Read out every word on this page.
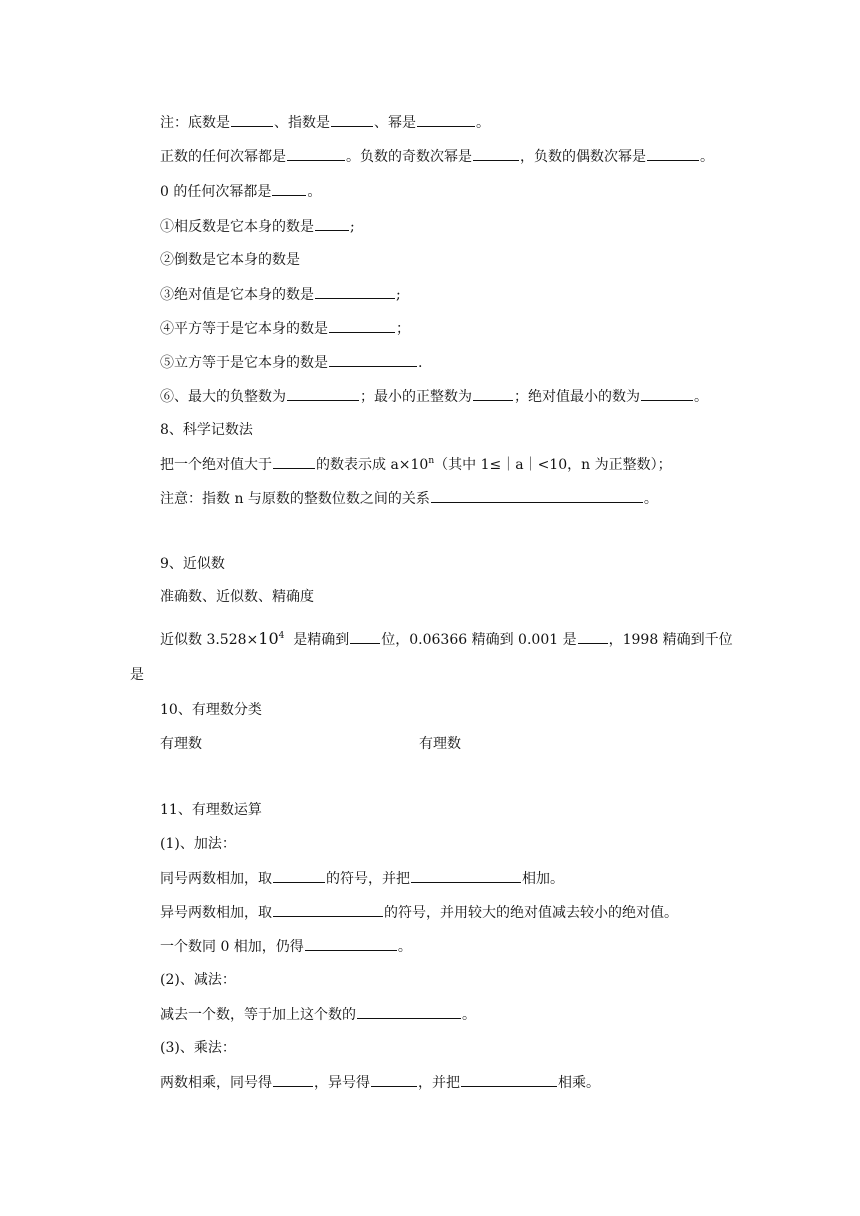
注：底数是	、指数是	、幂是	。
正数的任何次幂都是	。负数的奇数次幂是	，负数的偶数次幂是	。
0 的任何次幂都是	。
①相反数是它本身的数是	;
②倒数是它本身的数是
③绝对值是它本身的数是	;
④平方等于是它本身的数是	；
⑤立方等于是它本身的数是	.
⑥、最大的负整数为	；最小的正整数为	；绝对值最小的数为	。
8、科学记数法
把一个绝对值大于	的数表示成 $a\times 10^n$（其中 1≤｜a｜<10，n 为正整数）；
注意：指数 n 与原数的整数位数之间的关系	。
9、近似数
准确数、近似数、精确度
近似数 $3.528\times 10^4$ 是精确到 位，0.06366 精确到 0.001 是 ，1998 精确到千位
是
10、有理数分类
有理数	有理数
11、有理数运算
(1)、加法：
同号两数相加，取	的符号，并把	相加。
异号两数相加，取	的符号，并用较大的绝对值减去较小的绝对值。
一个数同 0 相加，仍得	。
(2)、减法：
减去一个数，等于加上这个数的	。
(3)、乘法：
两数相乘，同号得	，异号得	，并把	相乘。
